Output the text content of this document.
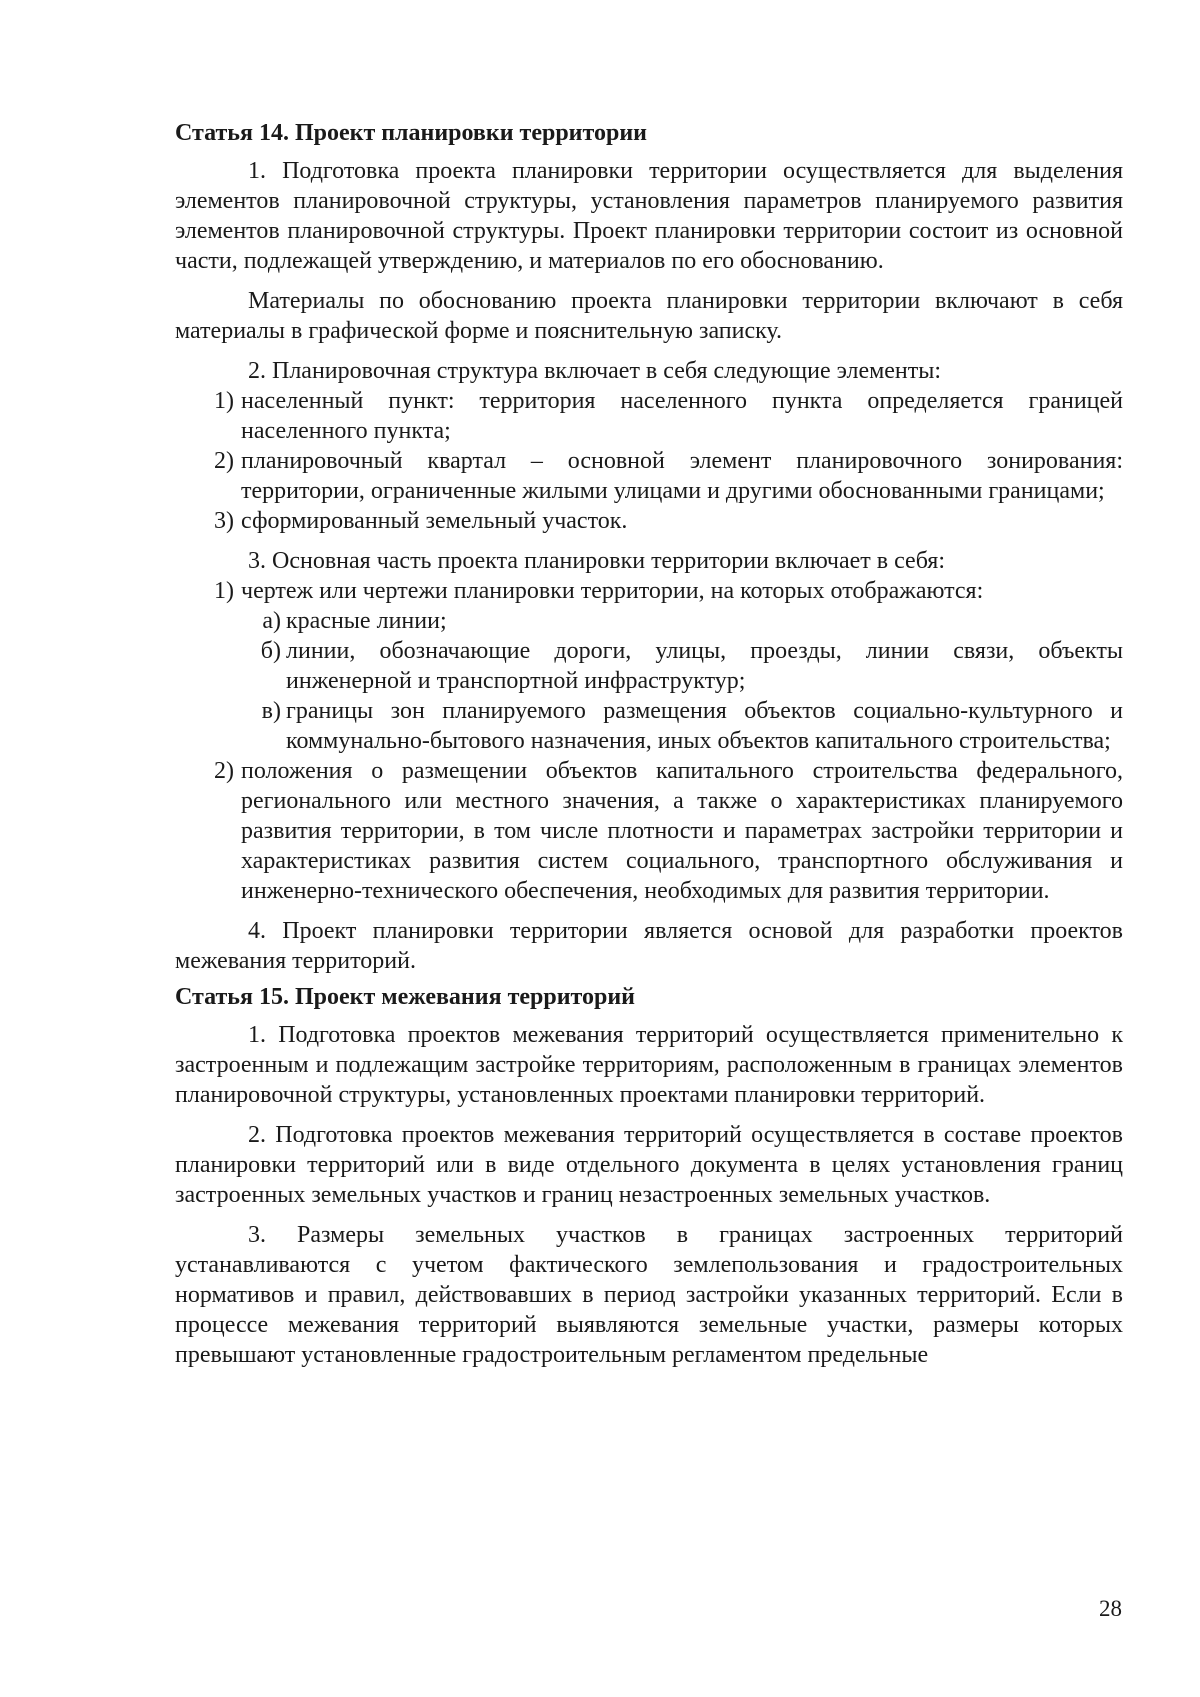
Статья 14. Проект планировки территории

1. Подготовка проекта планировки территории осуществляется для выделения элементов планировочной структуры, установления параметров планируемого развития элементов планировочной структуры. Проект планировки территории состоит из основной части, подлежащей утверждению, и материалов по его обоснованию.

Материалы по обоснованию проекта планировки территории включают в себя материалы в графической форме и пояснительную записку.

2. Планировочная структура включает в себя следующие элементы:

1) населенный пункт: территория населенного пункта определяется границей населенного пункта;
2) планировочный квартал – основной элемент планировочного зонирования: территории, ограниченные жилыми улицами и другими обоснованными границами;
3) сформированный земельный участок.

3. Основная часть проекта планировки территории включает в себя:

1) чертеж или чертежи планировки территории, на которых отображаются:
а) красные линии;
б) линии, обозначающие дороги, улицы, проезды, линии связи, объекты инженерной и транспортной инфраструктур;
в) границы зон планируемого размещения объектов социально-культурного и коммунально-бытового назначения, иных объектов капитального строительства;
2) положения о размещении объектов капитального строительства федерального, регионального или местного значения, а также о характеристиках планируемого развития территории, в том числе плотности и параметрах застройки территории и характеристиках развития систем социального, транспортного обслуживания и инженерно-технического обеспечения, необходимых для развития территории.

4. Проект планировки территории является основой для разработки проектов межевания территорий.

Статья 15. Проект межевания территорий

1. Подготовка проектов межевания территорий осуществляется применительно к застроенным и подлежащим застройке территориям, расположенным в границах элементов планировочной структуры, установленных проектами планировки территорий.

2. Подготовка проектов межевания территорий осуществляется в составе проектов планировки территорий или в виде отдельного документа в целях установления границ застроенных земельных участков и границ незастроенных земельных участков.

3. Размеры земельных участков в границах застроенных территорий устанавливаются с учетом фактического землепользования и градостроительных нормативов и правил, действовавших в период застройки указанных территорий. Если в процессе межевания территорий выявляются земельные участки, размеры которых превышают установленные градостроительным регламентом предельные

28
